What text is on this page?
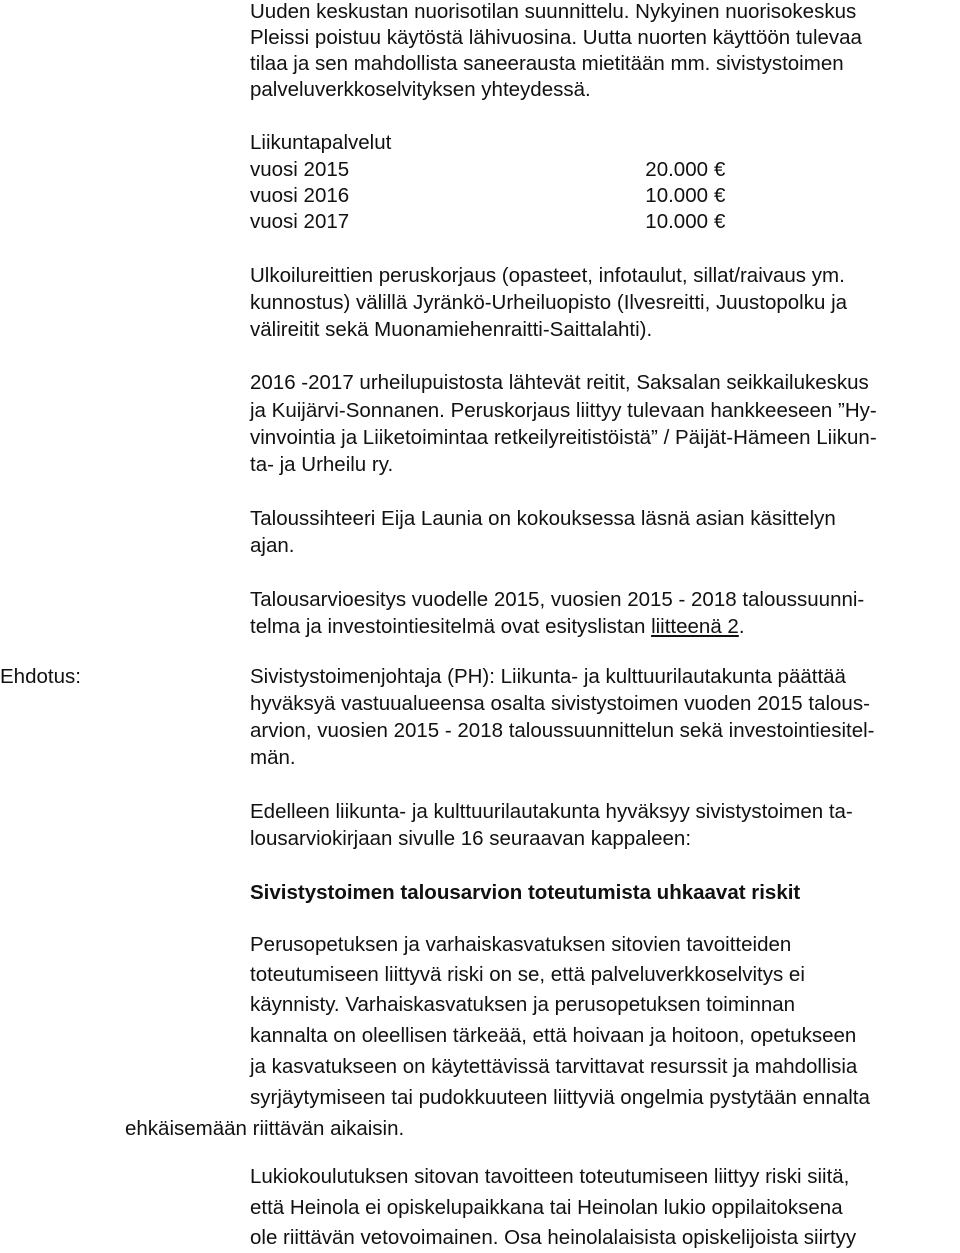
Uuden keskustan nuorisotilan suunnittelu. Nykyinen nuorisokeskus

Pleissi poistuu käytöstä lähivuosina. Uutta nuorten käyttöön tulevaa

tilaa ja sen mahdollista saneerausta mietitään mm. sivistystoimen

palveluverkkoselvityksen yhteydessä.

Liikuntapalvelut

vuosi 2015	20.000 €
vuosi 2016	10.000 €
vuosi 2017	10.000 €

Ulkoilureittien peruskorjaus (opasteet, infotaulut, sillat/raivaus ym.

kunnostus) välillä Jyränkö-Urheiluopisto (Ilvesreitti, Juustopolku ja

välireitit sekä Muonamiehenraitti-Saittalahti).

2016 -2017 urheilupuistosta lähtevät reitit, Saksalan seikkailukeskus

ja Kuijärvi-Sonnanen. Peruskorjaus liittyy tulevaan hankkeeseen ”Hy-

vinvointia ja Liiketoimintaa retkeilyreitistöistä” / Päijät-Hämeen Liikun-

ta- ja Urheilu ry.

Taloussihteeri Eija Launia on kokouksessa läsnä asian käsittelyn

ajan.

Talousarvioesitys vuodelle 2015, vuosien 2015 - 2018 taloussuunni-

telma ja investointiesitelmä ovat esityslistan liitteenä 2.

Ehdotus:	Sivistystoimenjohtaja (PH): Liikunta- ja kulttuurilautakunta päättää

hyväksyä vastuualueensa osalta sivistystoimen vuoden 2015 talous-

arvion, vuosien 2015 - 2018 taloussuunnittelun sekä investointiesitel-

män.

Edelleen liikunta- ja kulttuurilautakunta hyväksyy sivistystoimen ta-

lousarviokirjaan sivulle 16 seuraavan kappaleen:

Sivistystoimen talousarvion toteutumista uhkaavat riskit

Perusopetuksen ja varhaiskasvatuksen sitovien tavoitteiden

toteutumiseen liittyvä riski on se, että palveluverkkoselvitys ei

käynnisty. Varhaiskasvatuksen ja perusopetuksen toiminnan

kannalta on oleellisen tärkeää, että hoivaan ja hoitoon, opetukseen

ja kasvatukseen on käytettävissä tarvittavat resurssit ja mahdollisia

syrjäytymiseen tai pudokkuuteen liittyviä ongelmia pystytään ennalta

ehkäisemään riittävän aikaisin.

Lukiokoulutuksen sitovan tavoitteen toteutumiseen liittyy riski siitä,

että Heinola ei opiskelupaikkana tai Heinolan lukio oppilaitoksena

ole riittävän vetovoimainen. Osa heinolalaisista opiskelijoista siirtyy
